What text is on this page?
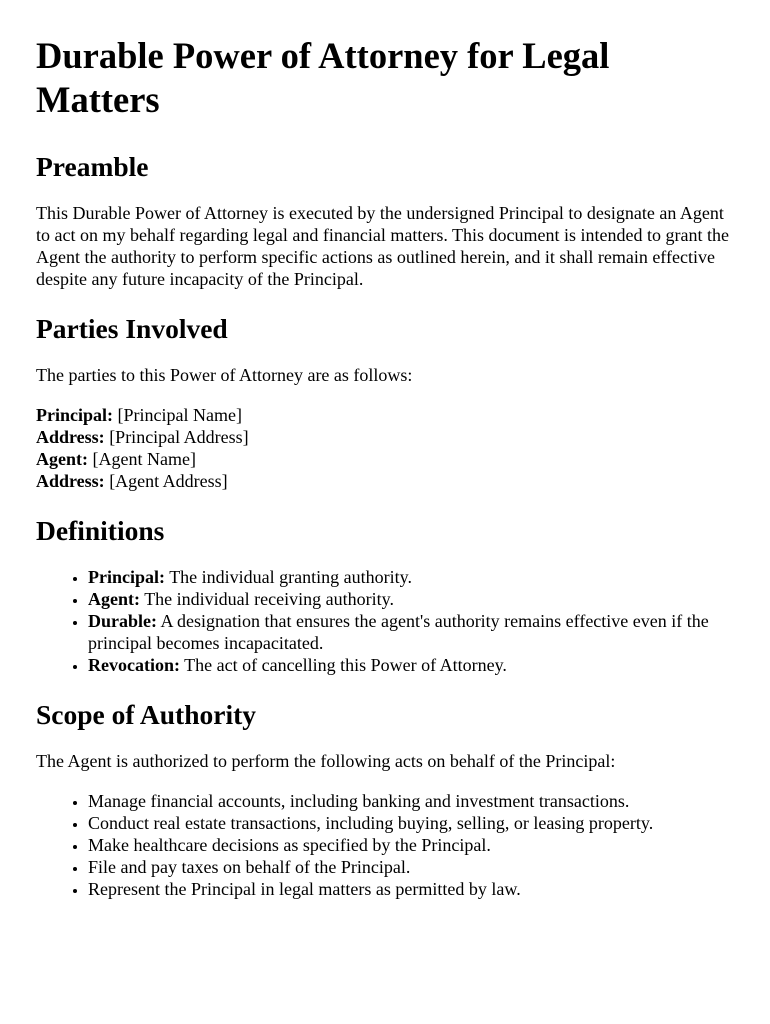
Durable Power of Attorney for Legal Matters
Preamble

This Durable Power of Attorney is executed by the undersigned Principal to designate an Agent to act on my behalf regarding legal and financial matters. This document is intended to grant the Agent the authority to perform specific actions as outlined herein, and it shall remain effective despite any future incapacity of the Principal.

Parties Involved

The parties to this Power of Attorney are as follows:

Principal: [Principal Name]
Address: [Principal Address]
Agent: [Agent Name]
Address: [Agent Address]
Definitions
• Principal: The individual granting authority.
• Agent: The individual receiving authority.
• Durable: A designation that ensures the agent's authority remains effective even if the principal becomes incapacitated.
• Revocation: The act of cancelling this Power of Attorney.
Scope of Authority

The Agent is authorized to perform the following acts on behalf of the Principal:

• Manage financial accounts, including banking and investment transactions.
• Conduct real estate transactions, including buying, selling, or leasing property.
• Make healthcare decisions as specified by the Principal.
• File and pay taxes on behalf of the Principal.
• Represent the Principal in legal matters as permitted by law.
